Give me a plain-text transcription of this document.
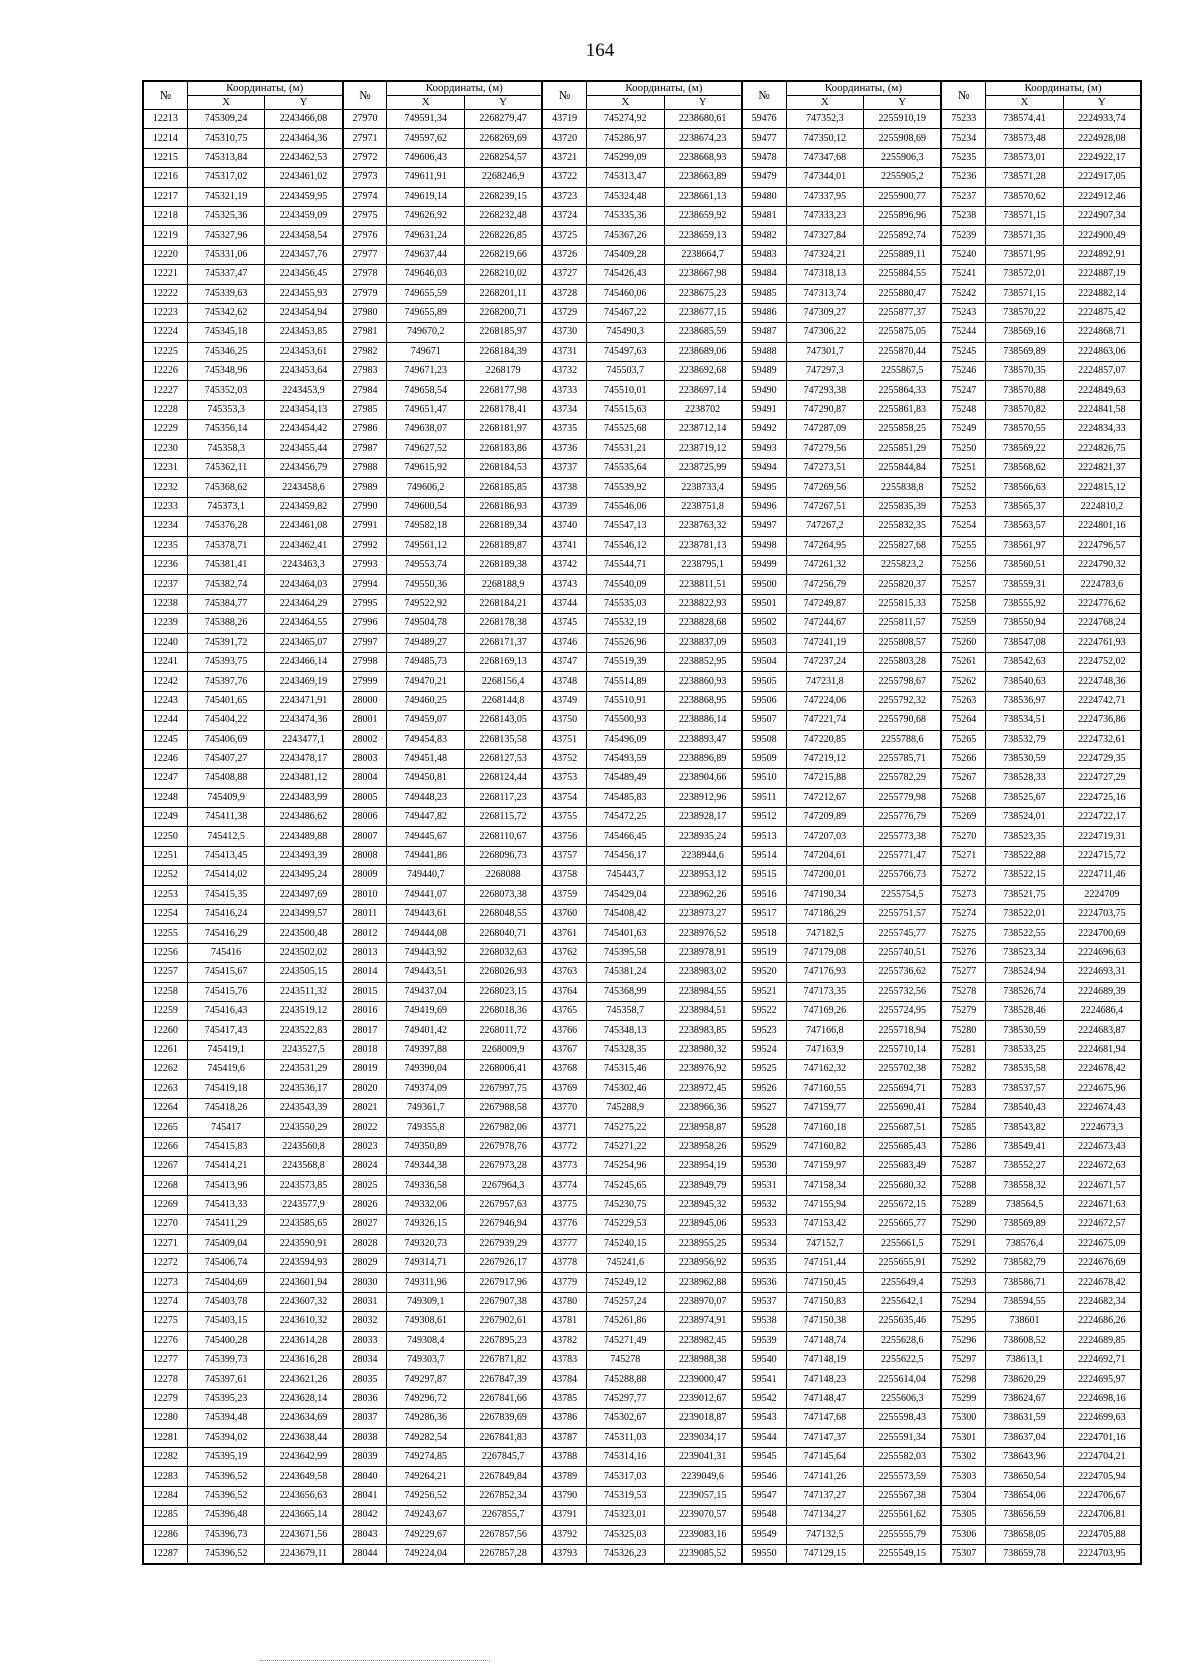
164
№	Координаты, (м)		№	Координаты, (м)		№	Координаты, (м)		№	Координаты, (м)		№	Координаты, (м)	
	X	Y		X	Y		X	Y		X	Y		X	Y
12213	745309,24	2243466,08	27970	749591,34	2268279,47	43719	745274,92	2238680,61	59476	747352,3	2255910,19	75233	738574,41	2224933,74
12214	745310,75	2243464,36	27971	749597,62	2268269,69	43720	745286,97	2238674,23	59477	747350,12	2255908,69	75234	738573,48	2224928,08
12215	745313,84	2243462,53	27972	749606,43	2268254,57	43721	745299,09	2238668,93	59478	747347,68	2255906,3	75235	738573,01	2224922,17
12216	745317,02	2243461,02	27973	749611,91	2268246,9	43722	745313,47	2238663,89	59479	747344,01	2255905,2	75236	738571,28	2224917,05
12217	745321,19	2243459,95	27974	749619,14	2268239,15	43723	745324,48	2238661,13	59480	747337,95	2255900,77	75237	738570,62	2224912,46
12218	745325,36	2243459,09	27975	749626,92	2268232,48	43724	745335,36	2238659,92	59481	747333,23	2255896,96	75238	738571,15	2224907,34
12219	745327,96	2243458,54	27976	749631,24	2268226,85	43725	745367,26	2238659,13	59482	747327,84	2255892,74	75239	738571,35	2224900,49
12220	745331,06	2243457,76	27977	749637,44	2268219,66	43726	745409,28	2238664,7	59483	747324,21	2255889,11	75240	738571,95	2224892,91
12221	745337,47	2243456,45	27978	749646,03	2268210,02	43727	745426,43	2238667,98	59484	747318,13	2255884,55	75241	738572,01	2224887,19
12222	745339,63	2243455,93	27979	749655,59	2268201,11	43728	745460,06	2238675,23	59485	747313,74	2255880,47	75242	738571,15	2224882,14
12223	745342,62	2243454,94	27980	749655,89	2268200,71	43729	745467,22	2238677,15	59486	747309,27	2255877,37	75243	738570,22	2224875,42
12224	745345,18	2243453,85	27981	749670,2	2268185,97	43730	745490,3	2238685,59	59487	747306,22	2255875,05	75244	738569,16	2224868,71
12225	745346,25	2243453,61	27982	749671	2268184,39	43731	745497,63	2238689,06	59488	747301,7	2255870,44	75245	738569,89	2224863,06
12226	745348,96	2243453,64	27983	749671,23	2268179	43732	745503,7	2238692,68	59489	747297,3	2255867,5	75246	738570,35	2224857,07
12227	745352,03	2243453,9	27984	749658,54	2268177,98	43733	745510,01	2238697,14	59490	747293,38	2255864,33	75247	738570,88	2224849,63
12228	745353,3	2243454,13	27985	749651,47	2268178,41	43734	745515,63	2238702	59491	747290,87	2255861,83	75248	738570,82	2224841,58
12229	745356,14	2243454,42	27986	749638,07	2268181,97	43735	745525,68	2238712,14	59492	747287,09	2255858,25	75249	738570,55	2224834,33
12230	745358,3	2243455,44	27987	749627,52	2268183,86	43736	745531,21	2238719,12	59493	747279,56	2255851,29	75250	738569,22	2224826,75
12231	745362,11	2243456,79	27988	749615,92	2268184,53	43737	745535,64	2238725,99	59494	747273,51	2255844,84	75251	738568,62	2224821,37
12232	745368,62	2243458,6	27989	749606,2	2268185,85	43738	745539,92	2238733,4	59495	747269,56	2255838,8	75252	738566,63	2224815,12
12233	745373,1	2243459,82	27990	749600,54	2268186,93	43739	745546,06	2238751,8	59496	747267,51	2255835,39	75253	738565,37	2224810,2
12234	745376,28	2243461,08	27991	749582,18	2268189,34	43740	745547,13	2238763,32	59497	747267,2	2255832,35	75254	738563,57	2224801,16
12235	745378,71	2243462,41	27992	749561,12	2268189,87	43741	745546,12	2238781,13	59498	747264,95	2255827,68	75255	738561,97	2224796,57
12236	745381,41	2243463,3	27993	749553,74	2268189,38	43742	745544,71	2238795,1	59499	747261,32	2255823,2	75256	738560,51	2224790,32
12237	745382,74	2243464,03	27994	749550,36	2268188,9	43743	745540,09	2238811,51	59500	747256,79	2255820,37	75257	738559,31	2224783,6
12238	745384,77	2243464,29	27995	749522,92	2268184,21	43744	745535,03	2238822,93	59501	747249,87	2255815,33	75258	738555,92	2224776,62
12239	745388,26	2243464,55	27996	749504,78	2268178,38	43745	745532,19	2238828,68	59502	747244,67	2255811,57	75259	738550,94	2224768,24
12240	745391,72	2243465,07	27997	749489,27	2268171,37	43746	745526,96	2238837,09	59503	747241,19	2255808,57	75260	738547,08	2224761,93
12241	745393,75	2243466,14	27998	749485,73	2268169,13	43747	745519,39	2238852,95	59504	747237,24	2255803,28	75261	738542,63	2224752,02
12242	745397,76	2243469,19	27999	749470,21	2268156,4	43748	745514,89	2238860,93	59505	747231,8	2255798,67	75262	738540,63	2224748,36
12243	745401,65	2243471,91	28000	749460,25	2268144,8	43749	745510,91	2238868,95	59506	747224,06	2255792,32	75263	738536,97	2224742,71
12244	745404,22	2243474,36	28001	749459,07	2268143,05	43750	745500,93	2238886,14	59507	747221,74	2255790,68	75264	738534,51	2224736,86
12245	745406,69	2243477,1	28002	749454,83	2268135,58	43751	745496,09	2238893,47	59508	747220,85	2255788,6	75265	738532,79	2224732,61
12246	745407,27	2243478,17	28003	749451,48	2268127,53	43752	745493,59	2238896,89	59509	747219,12	2255785,71	75266	738530,59	2224729,35
12247	745408,88	2243481,12	28004	749450,81	2268124,44	43753	745489,49	2238904,66	59510	747215,88	2255782,29	75267	738528,33	2224727,29
12248	745409,9	2243483,99	28005	749448,23	2268117,23	43754	745485,83	2238912,96	59511	747212,67	2255779,98	75268	738525,67	2224725,16
12249	745411,38	2243486,62	28006	749447,82	2268115,72	43755	745472,25	2238928,17	59512	747209,89	2255776,79	75269	738524,01	2224722,17
12250	745412,5	2243489,88	28007	749445,67	2268110,67	43756	745466,45	2238935,24	59513	747207,03	2255773,38	75270	738523,35	2224719,31
12251	745413,45	2243493,39	28008	749441,86	2268096,73	43757	745456,17	2238944,6	59514	747204,61	2255771,47	75271	738522,88	2224715,72
12252	745414,02	2243495,24	28009	749440,7	2268088	43758	745443,7	2238953,12	59515	747200,01	2255766,73	75272	738522,15	2224711,46
12253	745415,35	2243497,69	28010	749441,07	2268073,38	43759	745429,04	2238962,26	59516	747190,34	2255754,5	75273	738521,75	2224709
12254	745416,24	2243499,57	28011	749443,61	2268048,55	43760	745408,42	2238973,27	59517	747186,29	2255751,57	75274	738522,01	2224703,75
12255	745416,29	2243500,48	28012	749444,08	2268040,71	43761	745401,63	2238976,52	59518	747182,5	2255745,77	75275	738522,55	2224700,69
12256	745416	2243502,02	28013	749443,92	2268032,63	43762	745395,58	2238978,91	59519	747179,08	2255740,51	75276	738523,34	2224696,63
12257	745415,67	2243505,15	28014	749443,51	2268026,93	43763	745381,24	2238983,02	59520	747176,93	2255736,62	75277	738524,94	2224693,31
12258	745415,76	2243511,32	28015	749437,04	2268023,15	43764	745368,99	2238984,55	59521	747173,35	2255732,56	75278	738526,74	2224689,39
12259	745416,43	2243519,12	28016	749419,69	2268018,36	43765	745358,7	2238984,51	59522	747169,26	2255724,95	75279	738528,46	2224686,4
12260	745417,43	2243522,83	28017	749401,42	2268011,72	43766	745348,13	2238983,85	59523	747166,8	2255718,94	75280	738530,59	2224683,87
12261	745419,1	2243527,5	28018	749397,88	2268009,9	43767	745328,35	2238980,32	59524	747163,9	2255710,14	75281	738533,25	2224681,94
12262	745419,6	2243531,29	28019	749390,04	2268006,41	43768	745315,46	2238976,92	59525	747162,32	2255702,38	75282	738535,58	2224678,42
12263	745419,18	2243536,17	28020	749374,09	2267997,75	43769	745302,46	2238972,45	59526	747160,55	2255694,71	75283	738537,57	2224675,96
12264	745418,26	2243543,39	28021	749361,7	2267988,58	43770	745288,9	2238966,36	59527	747159,77	2255690,41	75284	738540,43	2224674,43
12265	745417	2243550,29	28022	749355,8	2267982,06	43771	745275,22	2238958,87	59528	747160,18	2255687,51	75285	738543,82	2224673,3
12266	745415,83	2243560,8	28023	749350,89	2267978,76	43772	745271,22	2238958,26	59529	747160,82	2255685,43	75286	738549,41	2224673,43
12267	745414,21	2243568,8	28024	749344,38	2267973,28	43773	745254,96	2238954,19	59530	747159,97	2255683,49	75287	738552,27	2224672,63
12268	745413,96	2243573,85	28025	749336,58	2267964,3	43774	745245,65	2238949,79	59531	747158,34	2255680,32	75288	738558,32	2224671,57
12269	745413,33	2243577,9	28026	749332,06	2267957,63	43775	745230,75	2238945,32	59532	747155,94	2255672,15	75289	738564,5	2224671,63
12270	745411,29	2243585,65	28027	749326,15	2267946,94	43776	745229,53	2238945,06	59533	747153,42	2255665,77	75290	738569,89	2224672,57
12271	745409,04	2243590,91	28028	749320,73	2267939,29	43777	745240,15	2238955,25	59534	747152,7	2255661,5	75291	738576,4	2224675,09
12272	745406,74	2243594,93	28029	749314,71	2267926,17	43778	745241,6	2238956,92	59535	747151,44	2255655,91	75292	738582,79	2224676,69
12273	745404,69	2243601,94	28030	749311,96	2267917,96	43779	745249,12	2238962,88	59536	747150,45	2255649,4	75293	738586,71	2224678,42
12274	745403,78	2243607,32	28031	749309,1	2267907,38	43780	745257,24	2238970,07	59537	747150,83	2255642,1	75294	738594,55	2224682,34
12275	745403,15	2243610,32	28032	749308,61	2267902,61	43781	745261,86	2238974,91	59538	747150,38	2255635,46	75295	738601	2224686,26
12276	745400,28	2243614,28	28033	749308,4	2267895,23	43782	745271,49	2238982,45	59539	747148,74	2255628,6	75296	738608,52	2224689,85
12277	745399,73	2243616,28	28034	749303,7	2267871,82	43783	745278	2238988,38	59540	747148,19	2255622,5	75297	738613,1	2224692,71
12278	745397,61	2243621,26	28035	749297,87	2267847,39	43784	745288,88	2239000,47	59541	747148,23	2255614,04	75298	738620,29	2224695,97
12279	745395,23	2243628,14	28036	749296,72	2267841,66	43785	745297,77	2239012,67	59542	747148,47	2255606,3	75299	738624,67	2224698,16
12280	745394,48	2243634,69	28037	749286,36	2267839,69	43786	745302,67	2239018,87	59543	747147,68	2255598,43	75300	738631,59	2224699,63
12281	745394,02	2243638,44	28038	749282,54	2267841,83	43787	745311,03	2239034,17	59544	747147,37	2255591,34	75301	738637,04	2224701,16
12282	745395,19	2243642,99	28039	749274,85	2267845,7	43788	745314,16	2239041,31	59545	747145,64	2255582,03	75302	738643,96	2224704,21
12283	745396,52	2243649,58	28040	749264,21	2267849,84	43789	745317,03	2239049,6	59546	747141,26	2255573,59	75303	738650,54	2224705,94
12284	745396,52	2243656,63	28041	749256,52	2267852,34	43790	745319,53	2239057,15	59547	747137,27	2255567,38	75304	738654,06	2224706,67
12285	745396,48	2243665,14	28042	749243,67	2267855,7	43791	745323,01	2239070,57	59548	747134,27	2255561,62	75305	738656,59	2224706,81
12286	745396,73	2243671,56	28043	749229,67	2267857,56	43792	745325,03	2239083,16	59549	747132,5	2255555,79	75306	738658,05	2224705,88
12287	745396,52	2243679,11	28044	749224,04	2267857,28	43793	745326,23	2239085,52	59550	747129,15	2255549,15	75307	738659,78	2224703,95
